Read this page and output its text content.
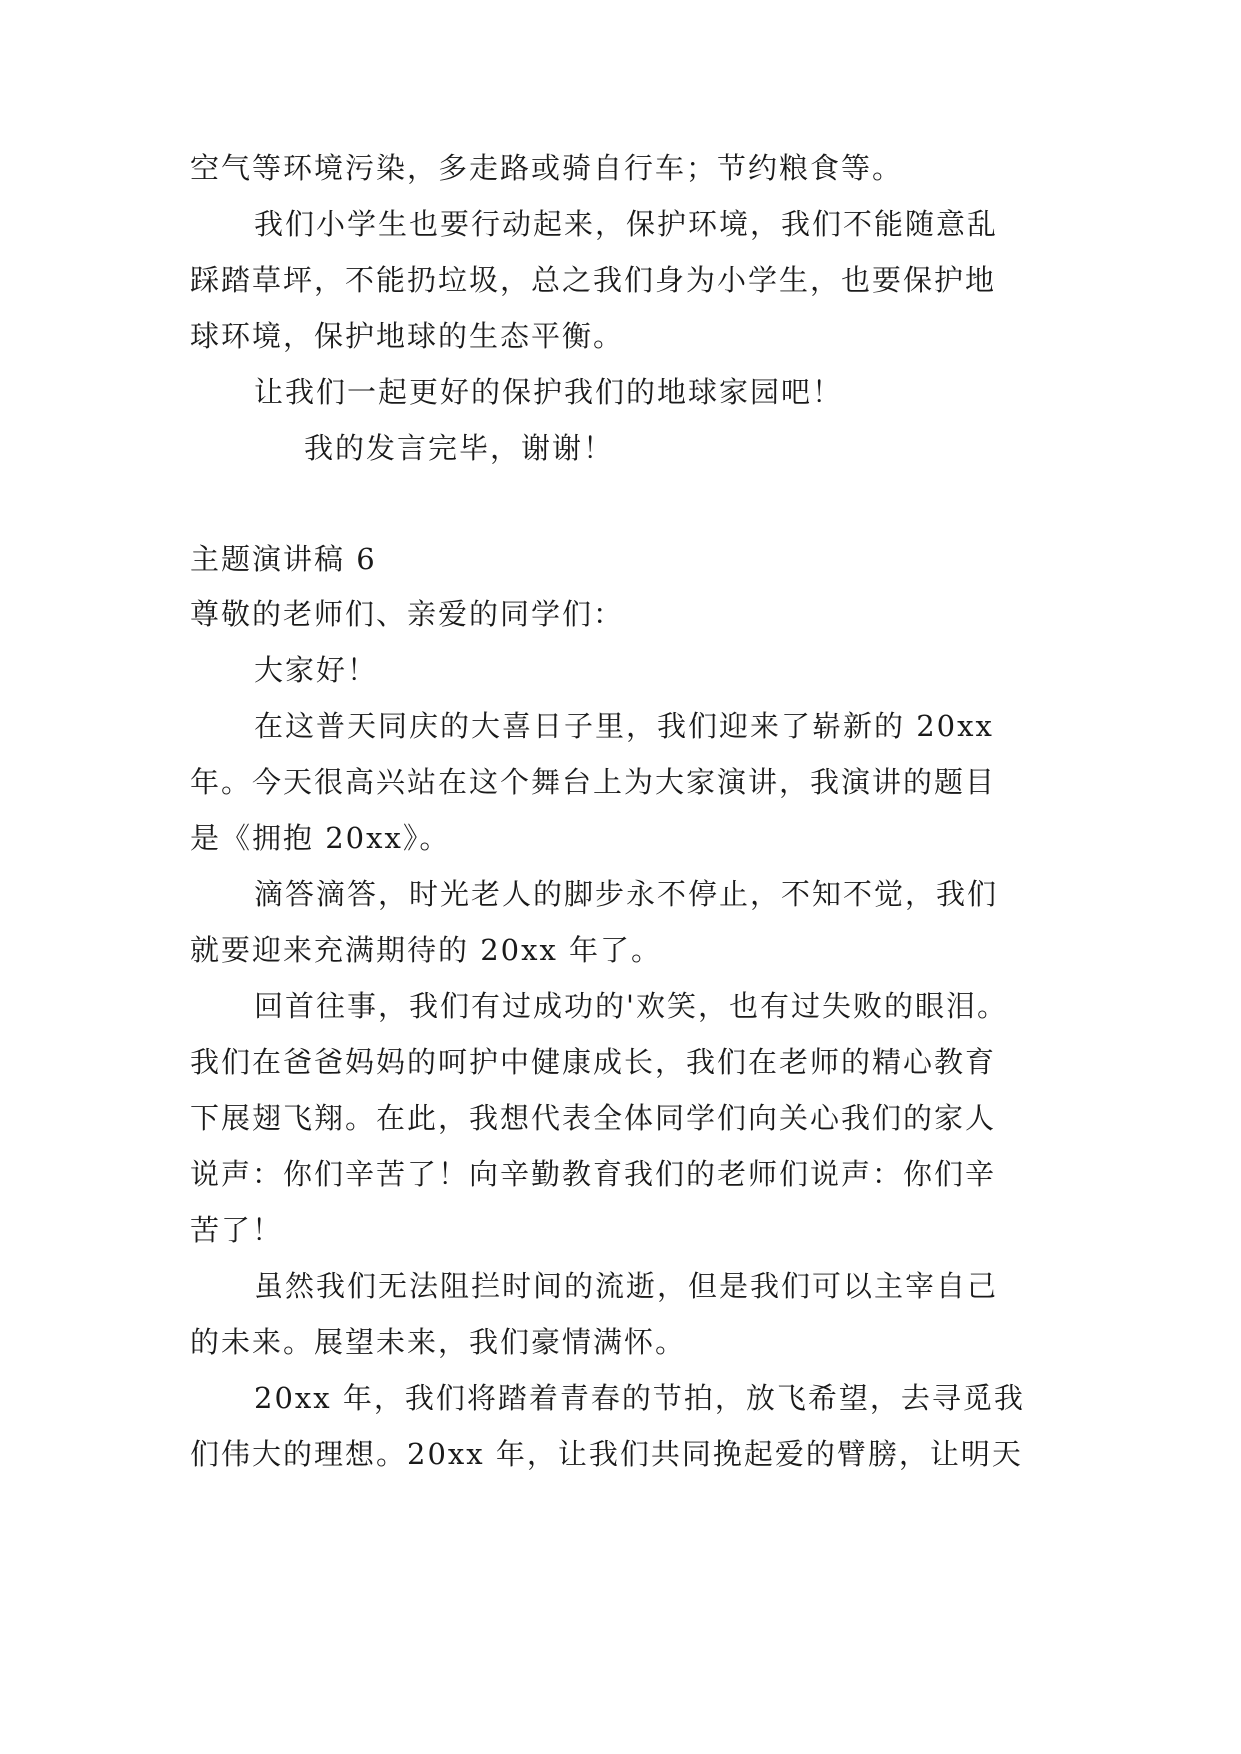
空气等环境污染，多走路或骑自行车；节约粮食等。
我们小学生也要行动起来，保护环境，我们不能随意乱
踩踏草坪，不能扔垃圾，总之我们身为小学生，也要保护地
球环境，保护地球的生态平衡。
让我们一起更好的保护我们的地球家园吧！
我的发言完毕，谢谢！
主题演讲稿 6
尊敬的老师们、亲爱的同学们：
大家好！
在这普天同庆的大喜日子里，我们迎来了崭新的 20xx
年。今天很高兴站在这个舞台上为大家演讲，我演讲的题目
是《拥抱 20xx》。
滴答滴答，时光老人的脚步永不停止，不知不觉，我们
就要迎来充满期待的 20xx 年了。
回首往事，我们有过成功的'欢笑，也有过失败的眼泪。
我们在爸爸妈妈的呵护中健康成长，我们在老师的精心教育
下展翅飞翔。在此，我想代表全体同学们向关心我们的家人
说声：你们辛苦了！向辛勤教育我们的老师们说声：你们辛
苦了！
虽然我们无法阻拦时间的流逝，但是我们可以主宰自己
的未来。展望未来，我们豪情满怀。
20xx 年，我们将踏着青春的节拍，放飞希望，去寻觅我
们伟大的理想。20xx 年，让我们共同挽起爱的臂膀，让明天
